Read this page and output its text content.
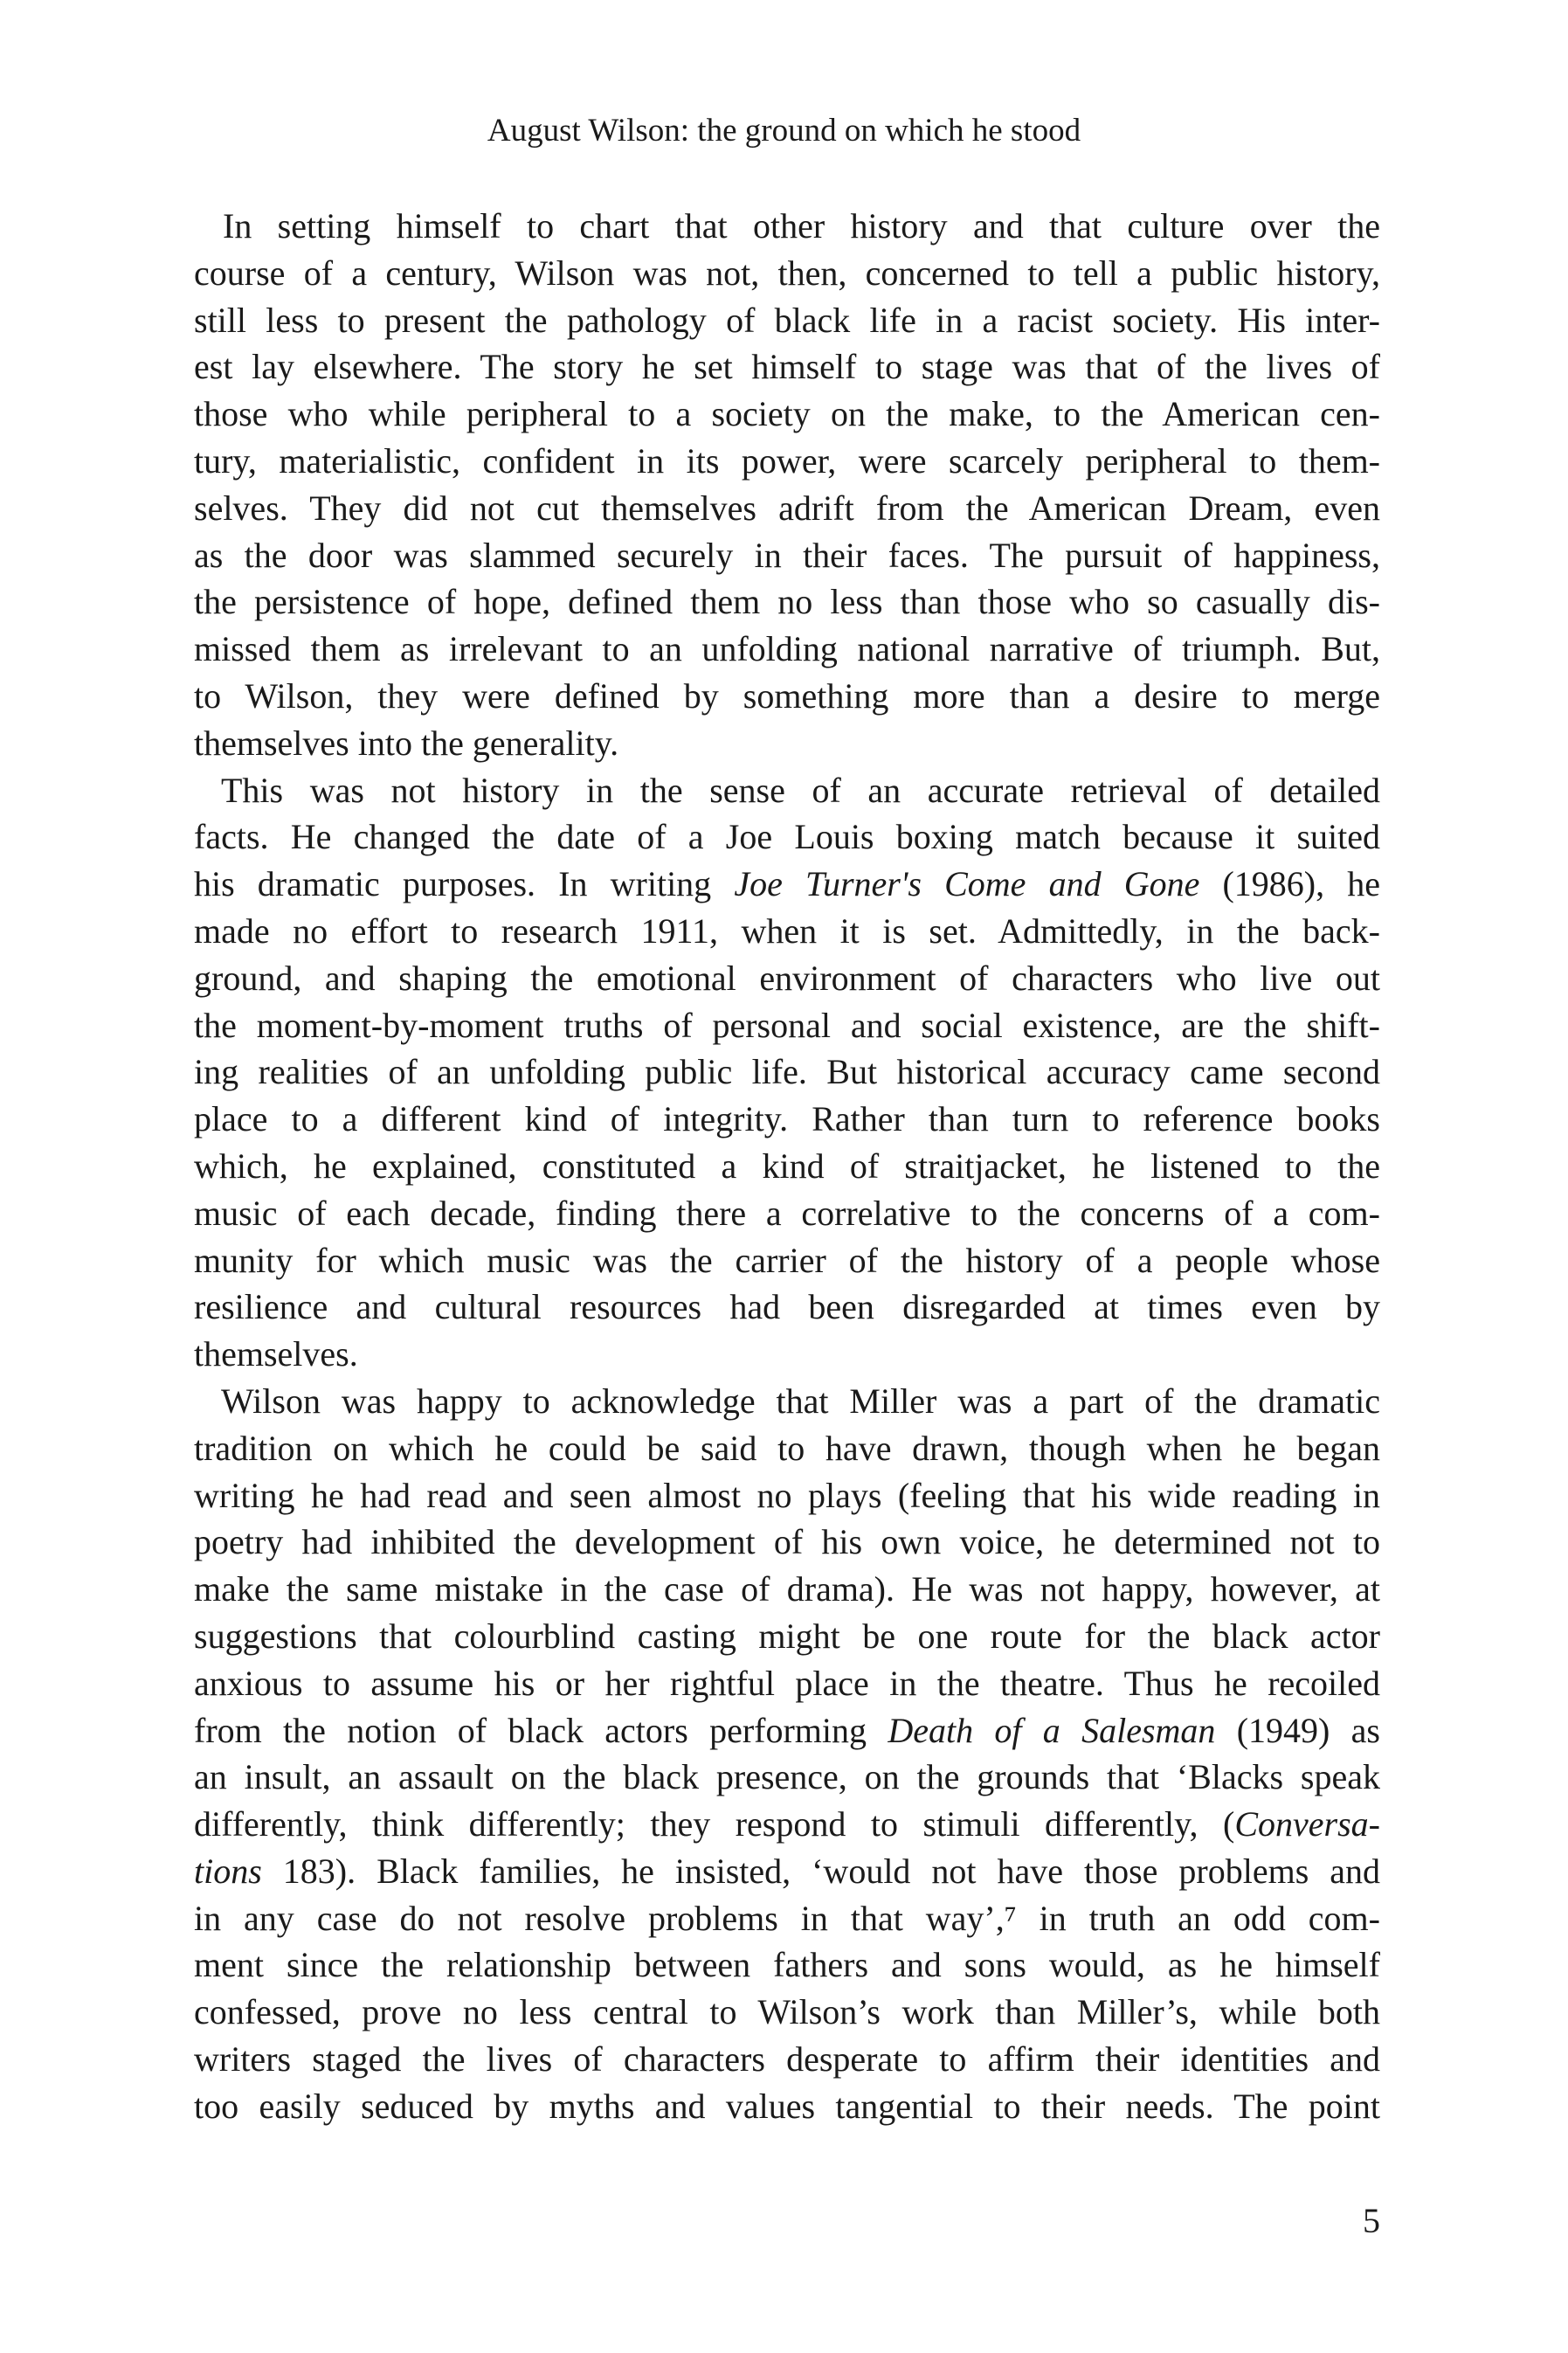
August Wilson: the ground on which he stood
In setting himself to chart that other history and that culture over the
course of a century, Wilson was not, then, concerned to tell a public history,
still less to present the pathology of black life in a racist society. His inter-
est lay elsewhere. The story he set himself to stage was that of the lives of
those who while peripheral to a society on the make, to the American cen-
tury, materialistic, confident in its power, were scarcely peripheral to them-
selves. They did not cut themselves adrift from the American Dream, even
as the door was slammed securely in their faces. The pursuit of happiness,
the persistence of hope, defined them no less than those who so casually dis-
missed them as irrelevant to an unfolding national narrative of triumph. But,
to Wilson, they were defined by something more than a desire to merge
themselves into the generality.
This was not history in the sense of an accurate retrieval of detailed
facts. He changed the date of a Joe Louis boxing match because it suited
his dramatic purposes. In writing Joe Turner's Come and Gone (1986), he
made no effort to research 1911, when it is set. Admittedly, in the back-
ground, and shaping the emotional environment of characters who live out
the moment-by-moment truths of personal and social existence, are the shift-
ing realities of an unfolding public life. But historical accuracy came second
place to a different kind of integrity. Rather than turn to reference books
which, he explained, constituted a kind of straitjacket, he listened to the
music of each decade, finding there a correlative to the concerns of a com-
munity for which music was the carrier of the history of a people whose
resilience and cultural resources had been disregarded at times even by
themselves.
Wilson was happy to acknowledge that Miller was a part of the dramatic
tradition on which he could be said to have drawn, though when he began
writing he had read and seen almost no plays (feeling that his wide reading in
poetry had inhibited the development of his own voice, he determined not to
make the same mistake in the case of drama). He was not happy, however, at
suggestions that colourblind casting might be one route for the black actor
anxious to assume his or her rightful place in the theatre. Thus he recoiled
from the notion of black actors performing Death of a Salesman (1949) as
an insult, an assault on the black presence, on the grounds that ‘Blacks speak
differently, think differently; they respond to stimuli differently, (Conversa-
tions 183). Black families, he insisted, ‘would not have those problems and
in any case do not resolve problems in that way’,⁷ in truth an odd com-
ment since the relationship between fathers and sons would, as he himself
confessed, prove no less central to Wilson’s work than Miller’s, while both
writers staged the lives of characters desperate to affirm their identities and
too easily seduced by myths and values tangential to their needs. The point
5
